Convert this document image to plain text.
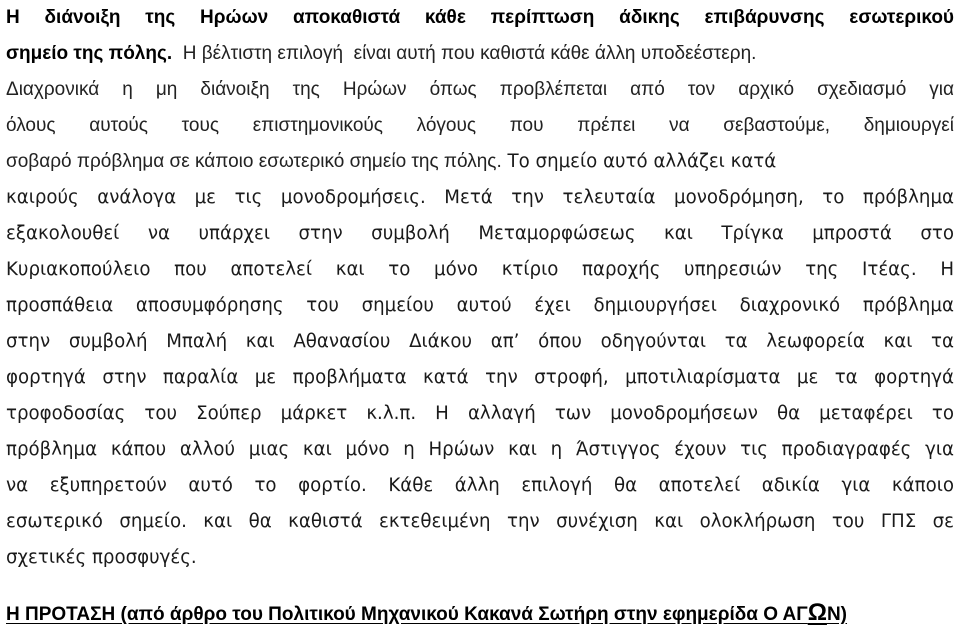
Η διάνοιξη της Ηρώων αποκαθιστά κάθε περίπτωση άδικης επιβάρυνσης εσωτερικού
σημείο της πόλης.  Η βέλτιστη επιλογή  είναι αυτή που καθιστά κάθε άλλη υποδεέστερη.
Διαχρονικά η μη διάνοιξη της Ηρώων όπως προβλέπεται από τον αρχικό σχεδιασμό για
όλους αυτούς τους επιστημονικούς λόγους που πρέπει να σεβαστούμε, δημιουργεί
σοβαρό πρόβλημα σε κάποιο εσωτερικό σημείο της πόλης. Το σημείο αυτό αλλάζει κατά
καιρούς ανάλογα με τις μονοδρομήσεις. Μετά την τελευταία μονοδρόμηση, το πρόβλημα
εξακολουθεί να υπάρχει στην συμβολή Μεταμορφώσεως και Τρίγκα μπροστά στο
Κυριακοπούλειο που αποτελεί και το μόνο κτίριο παροχής υπηρεσιών της Ιτέας. Η
προσπάθεια αποσυμφόρησης του σημείου αυτού έχει δημιουργήσει διαχρονικό πρόβλημα
στην συμβολή Μπαλή και Αθανασίου Διάκου απ’ όπου οδηγούνται τα λεωφορεία και τα
φορτηγά στην παραλία με προβλήματα κατά την στροφή, μποτιλιαρίσματα με τα φορτηγά
τροφοδοσίας του Σούπερ μάρκετ κ.λ.π. Η αλλαγή των μονοδρομήσεων θα μεταφέρει το
πρόβλημα κάπου αλλού μιας και μόνο η Ηρώων και η Άστιγγος έχουν τις προδιαγραφές για
να εξυπηρετούν αυτό το φορτίο. Κάθε άλλη επιλογή θα αποτελεί αδικία για κάποιο
εσωτερικό σημείο. και θα καθιστά εκτεθειμένη την συνέχιση και ολοκλήρωση του ΓΠΣ σε
σχετικές προσφυγές.
Η ΠΡΟΤΑΣΗ (από άρθρο του Πολιτικού Μηχανικού Κακανά Σωτήρη στην εφημερίδα Ο ΑΓΩΝ)
